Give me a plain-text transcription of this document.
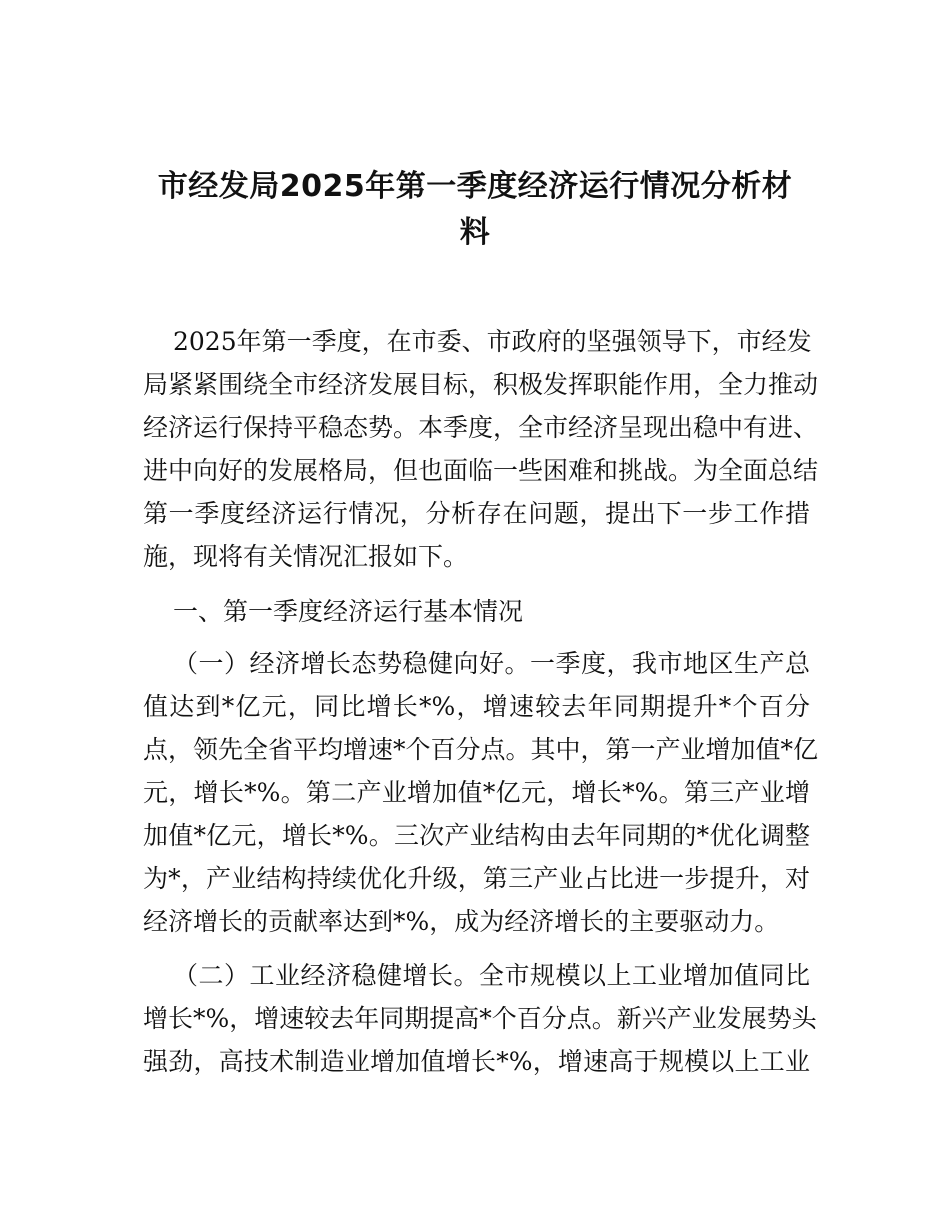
市经发局2025年第一季度经济运行情况分析材
料
2025年第一季度，在市委、市政府的坚强领导下，市经发
局紧紧围绕全市经济发展目标，积极发挥职能作用，全力推动
经济运行保持平稳态势。本季度，全市经济呈现出稳中有进、
进中向好的发展格局，但也面临一些困难和挑战。为全面总结
第一季度经济运行情况，分析存在问题，提出下一步工作措
施，现将有关情况汇报如下。
一、第一季度经济运行基本情况
（一）经济增长态势稳健向好。一季度，我市地区生产总
值达到*亿元，同比增长*%，增速较去年同期提升*个百分
点，领先全省平均增速*个百分点。其中，第一产业增加值*亿
元，增长*%。第二产业增加值*亿元，增长*%。第三产业增
加值*亿元，增长*%。三次产业结构由去年同期的*优化调整
为*，产业结构持续优化升级，第三产业占比进一步提升，对
经济增长的贡献率达到*%，成为经济增长的主要驱动力。
（二）工业经济稳健增长。全市规模以上工业增加值同比
增长*%，增速较去年同期提高*个百分点。新兴产业发展势头
强劲，高技术制造业增加值增长*%，增速高于规模以上工业
